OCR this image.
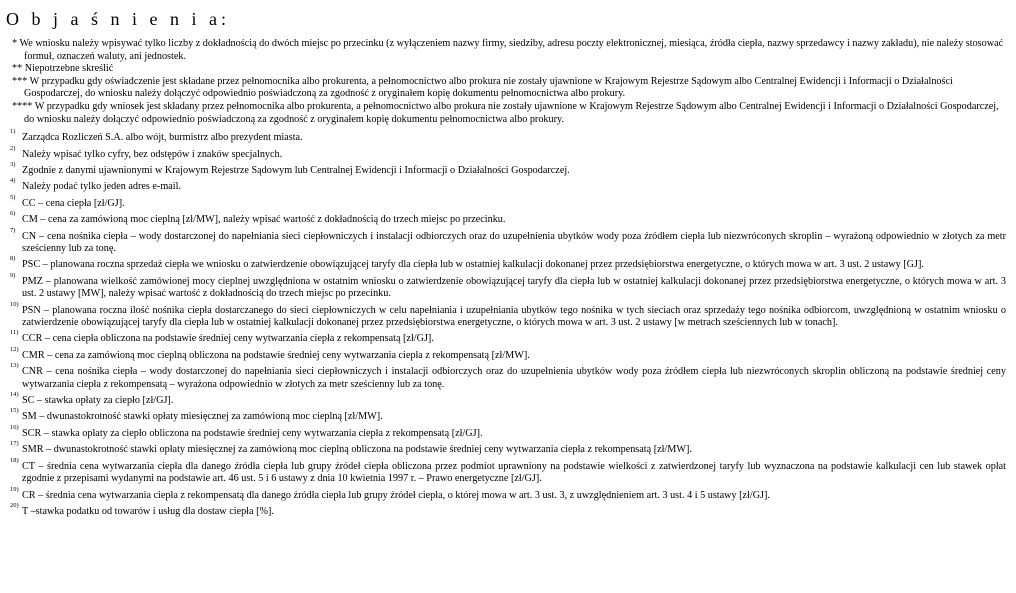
O b j a ś n i e n i a:
* We wniosku należy wpisywać tylko liczby z dokładnością do dwóch miejsc po przecinku (z wyłączeniem nazwy firmy, siedziby, adresu poczty elektronicznej, miesiąca, źródła ciepła, nazwy sprzedawcy i nazwy zakładu), nie należy stosować formuł, oznaczeń waluty, ani jednostek.
** Niepotrzebne skreślić
*** W przypadku gdy oświadczenie jest składane przez pełnomocnika albo prokurenta, a pełnomocnictwo albo prokura nie zostały ujawnione w Krajowym Rejestrze Sądowym albo Centralnej Ewidencji i Informacji o Działalności Gospodarczej, do wniosku należy dołączyć odpowiednio poświadczoną za zgodność z oryginałem kopię dokumentu pełnomocnictwa albo prokury.
**** W przypadku gdy wniosek jest składany przez pełnomocnika albo prokurenta, a pełnomocnictwo albo prokura nie zostały ujawnione w Krajowym Rejestrze Sądowym albo Centralnej Ewidencji i Informacji o Działalności Gospodarczej, do wniosku należy dołączyć odpowiednio poświadczoną za zgodność z oryginałem kopię dokumentu pełnomocnictwa albo prokury.
1)
Zarządca Rozliczeń S.A. albo wójt, burmistrz albo prezydent miasta.
2)
Należy wpisać tylko cyfry, bez odstępów i znaków specjalnych.
3)
Zgodnie z danymi ujawnionymi w Krajowym Rejestrze Sądowym lub Centralnej Ewidencji i Informacji o Działalności Gospodarczej.
4)
Należy podać tylko jeden adres e-mail.
5)
CC – cena ciepła [zł/GJ].
6)
CM – cena za zamówioną moc cieplną [zł/MW], należy wpisać wartość z dokładnością do trzech miejsc po przecinku.
7)
CN – cena nośnika ciepła – wody dostarczonej do napełniania sieci ciepłowniczych i instalacji odbiorczych oraz do uzupełnienia ubytków wody poza źródłem ciepła lub niezwróconych skroplin – wyrażoną odpowiednio w złotych za metr sześcienny lub za tonę.
8)
PSC – planowana roczna sprzedaż ciepła we wniosku o zatwierdzenie obowiązującej taryfy dla ciepła lub w ostatniej kalkulacji dokonanej przez przedsiębiorstwa energetyczne, o których mowa w art. 3 ust. 2 ustawy [GJ].
9)
PMZ – planowana wielkość zamówionej mocy cieplnej uwzględniona w ostatnim wniosku o zatwierdzenie obowiązującej taryfy dla ciepła lub w ostatniej kalkulacji dokonanej przez przedsiębiorstwa energetyczne, o których mowa w art. 3 ust. 2 ustawy [MW], należy wpisać wartość z dokładnością do trzech miejsc po przecinku.
10)
PSN – planowana roczna ilość nośnika ciepła dostarczanego do sieci ciepłowniczych w celu napełniania i uzupełniania ubytków tego nośnika w tych sieciach oraz sprzedaży tego nośnika odbiorcom, uwzględnioną w ostatnim wniosku o zatwierdzenie obowiązującej taryfy dla ciepła lub w ostatniej kalkulacji dokonanej przez przedsiębiorstwa energetyczne, o których mowa w art. 3 ust. 2 ustawy [w metrach sześciennych lub w tonach].
11)
CCR – cena ciepła obliczona na podstawie średniej ceny wytwarzania ciepła z rekompensatą [zł/GJ].
12)
CMR – cena za zamówioną moc cieplną obliczona na podstawie średniej ceny wytwarzania ciepła z rekompensatą [zł/MW].
13)
CNR – cena nośnika ciepła – wody dostarczonej do napełniania sieci ciepłowniczych i instalacji odbiorczych oraz do uzupełnienia ubytków wody poza źródłem ciepła lub niezwróconych skroplin obliczoną na podstawie średniej ceny wytwarzania ciepła z rekompensatą – wyrażona odpowiednio w złotych za metr sześcienny lub za tonę.
14)
SC – stawka opłaty za ciepło [zł/GJ].
15)
SM – dwunastokrotność stawki opłaty miesięcznej za zamówioną moc cieplną [zł/MW].
16)
SCR – stawka opłaty za ciepło obliczona na podstawie średniej ceny wytwarzania ciepła z rekompensatą [zł/GJ].
17)
SMR – dwunastokrotność stawki opłaty miesięcznej za zamówioną moc cieplną obliczona na podstawie średniej ceny wytwarzania ciepła z rekompensatą [zł/MW].
18)
CT – średnia cena wytwarzania ciepła dla danego źródła ciepła lub grupy źródeł ciepła obliczona przez podmiot uprawniony na podstawie wielkości z zatwierdzonej taryfy lub wyznaczona na podstawie kalkulacji cen lub stawek opłat zgodnie z przepisami wydanymi na podstawie art. 46 ust. 5 i 6 ustawy z dnia 10 kwietnia 1997 r. – Prawo energetyczne [zł/GJ].
19)
CR – średnia cena wytwarzania ciepła z rekompensatą dla danego źródła ciepła lub grupy źródeł ciepła, o której mowa w art. 3 ust. 3, z uwzględnieniem art. 3 ust. 4 i 5 ustawy [zł/GJ].
20)
T –stawka podatku od towarów i usług dla dostaw ciepła [%].
